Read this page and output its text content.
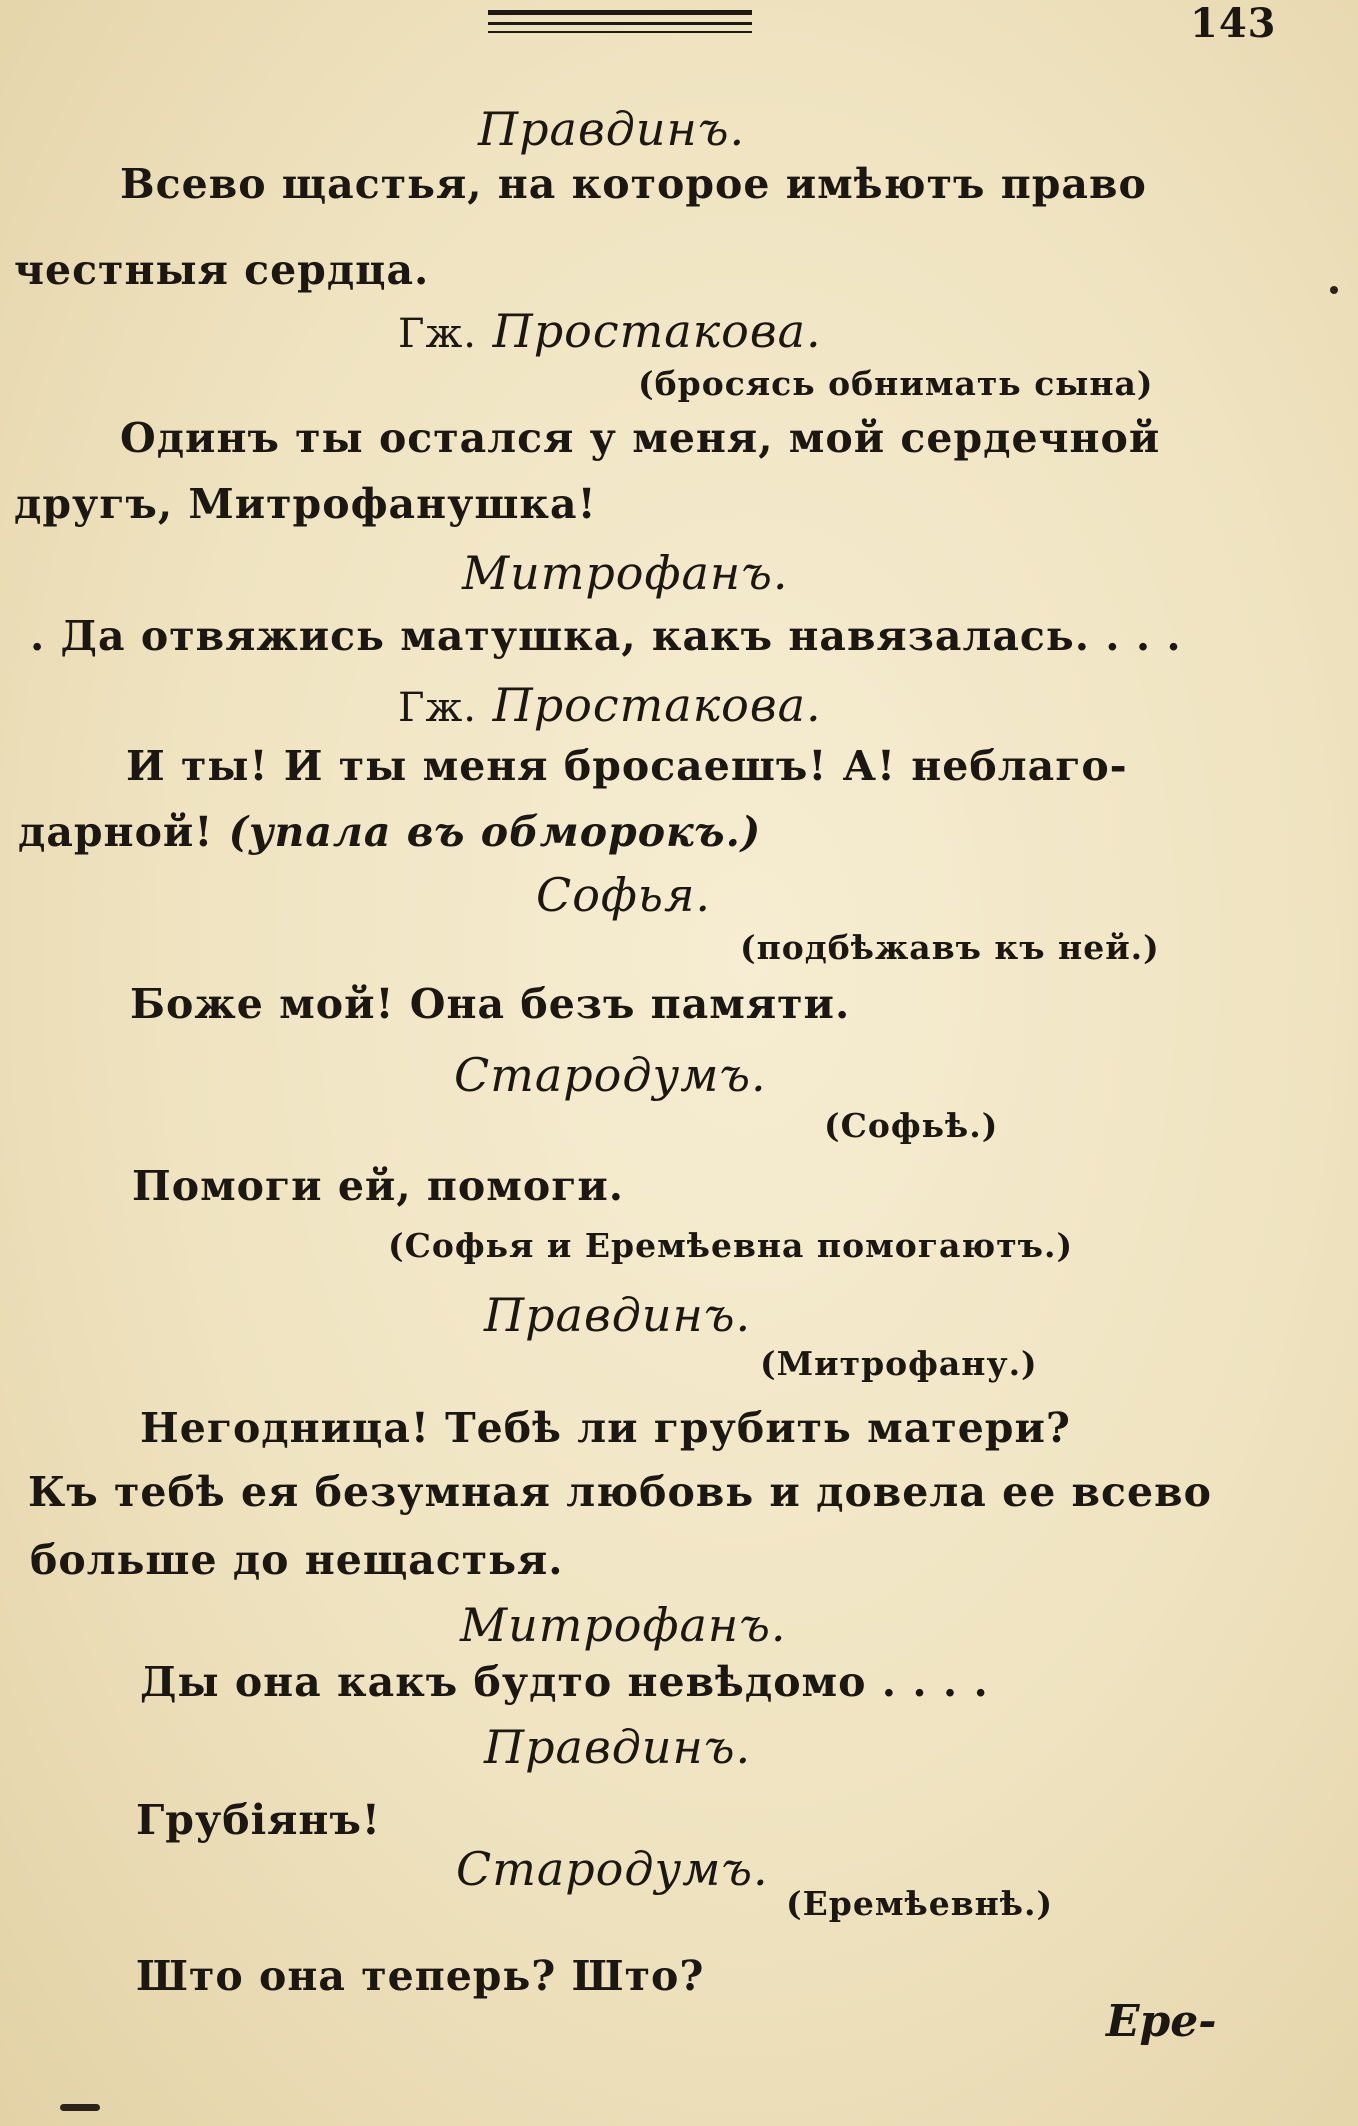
143
Правдинъ.
Всево щастья, на которое имѣютъ право
честныя сердца.
Гж. Простакова.
(бросясь обнимать сына)
Одинъ ты остался у меня, мой сердечной
другъ, Митрофанушка!
Митрофанъ.
. Да отвяжись матушка, какъ навязалась. . . .
Гж. Простакова.
И ты! И ты меня бросаешъ! А! неблаго-
дарной! (упала въ обморокъ.)
Софья.
(подбѣжавъ къ ней.)
Боже мой! Она безъ памяти.
Стародумъ.
(Софьѣ.)
Помоги ей, помоги.
(Софья и Еремѣевна помогаютъ.)
Правдинъ.
(Митрофану.)
Негодница! Тебѣ ли грубить матери?
Къ тебѣ ея безумная любовь и довела ее всево
больше до нещастья.
Митрофанъ.
Ды она какъ будто невѣдомо . . . .
Правдинъ.
Грубіянъ!
Стародумъ.
(Еремѣевнѣ.)
Што она теперь? Што?
Ере-
